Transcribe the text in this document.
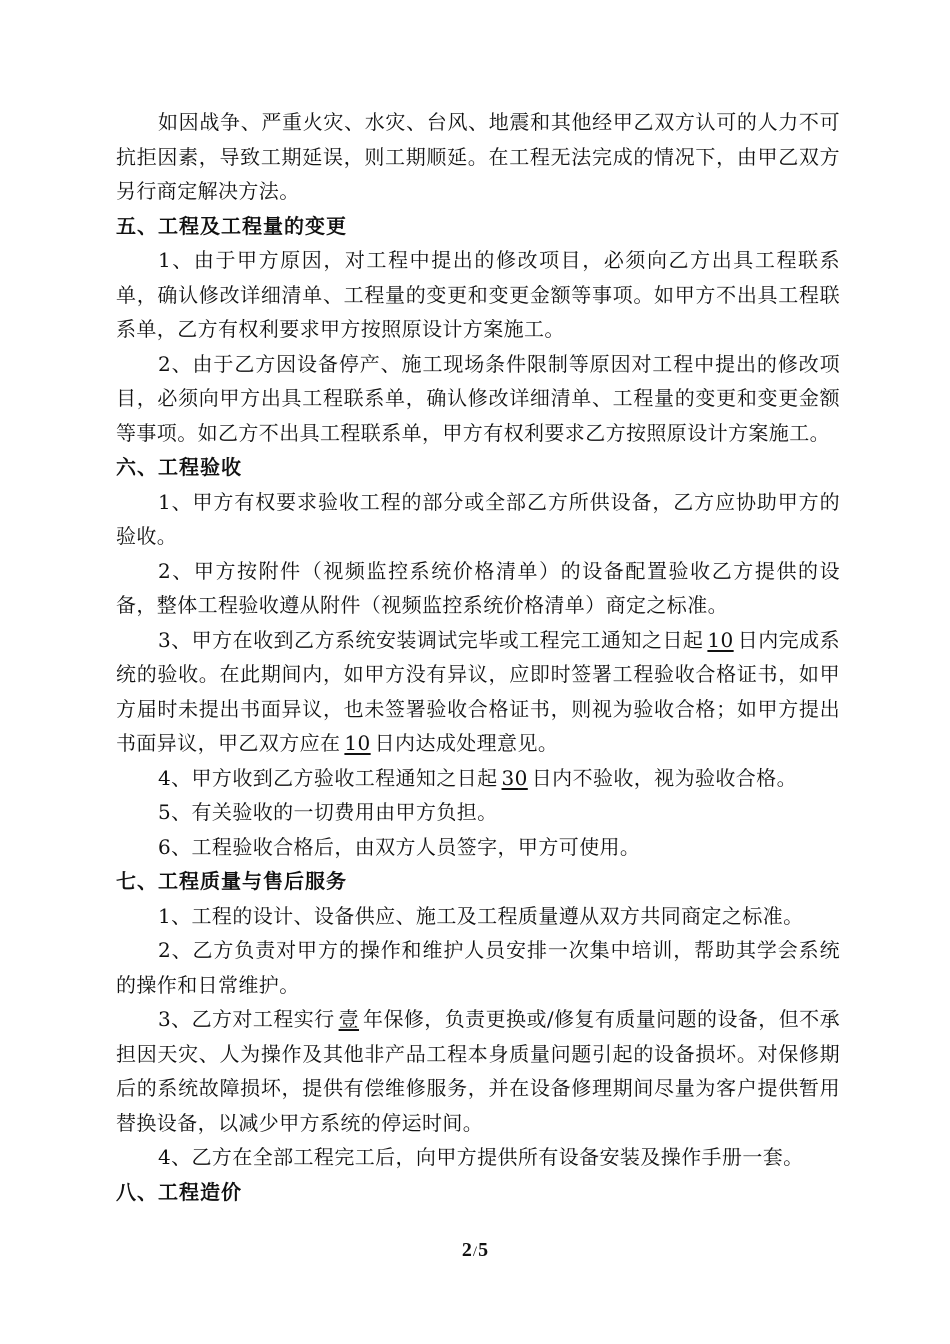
如因战争、严重火灾、水灾、台风、地震和其他经甲乙双方认可的人力不可抗拒因素，导致工期延误，则工期顺延。在工程无法完成的情况下，由甲乙双方另行商定解决方法。

五、工程及工程量的变更

1、由于甲方原因，对工程中提出的修改项目，必须向乙方出具工程联系单，确认修改详细清单、工程量的变更和变更金额等事项。如甲方不出具工程联系单，乙方有权利要求甲方按照原设计方案施工。

2、由于乙方因设备停产、施工现场条件限制等原因对工程中提出的修改项目，必须向甲方出具工程联系单，确认修改详细清单、工程量的变更和变更金额等事项。如乙方不出具工程联系单，甲方有权利要求乙方按照原设计方案施工。

六、工程验收

1、甲方有权要求验收工程的部分或全部乙方所供设备，乙方应协助甲方的验收。

2、甲方按附件（视频监控系统价格清单）的设备配置验收乙方提供的设备，整体工程验收遵从附件（视频监控系统价格清单）商定之标准。

3、甲方在收到乙方系统安装调试完毕或工程完工通知之日起 10 日内完成系统的验收。在此期间内，如甲方没有异议，应即时签署工程验收合格证书，如甲方届时未提出书面异议，也未签署验收合格证书，则视为验收合格；如甲方提出书面异议，甲乙双方应在 10 日内达成处理意见。

4、甲方收到乙方验收工程通知之日起 30 日内不验收，视为验收合格。

5、有关验收的一切费用由甲方负担。

6、工程验收合格后，由双方人员签字，甲方可使用。

七、工程质量与售后服务

1、工程的设计、设备供应、施工及工程质量遵从双方共同商定之标准。

2、乙方负责对甲方的操作和维护人员安排一次集中培训，帮助其学会系统的操作和日常维护。

3、乙方对工程实行 壹 年保修，负责更换或/修复有质量问题的设备，但不承担因天灾、人为操作及其他非产品工程本身质量问题引起的设备损坏。对保修期后的系统故障损坏，提供有偿维修服务，并在设备修理期间尽量为客户提供暂用替换设备，以减少甲方系统的停运时间。

4、乙方在全部工程完工后，向甲方提供所有设备安装及操作手册一套。

八、工程造价

2/5
